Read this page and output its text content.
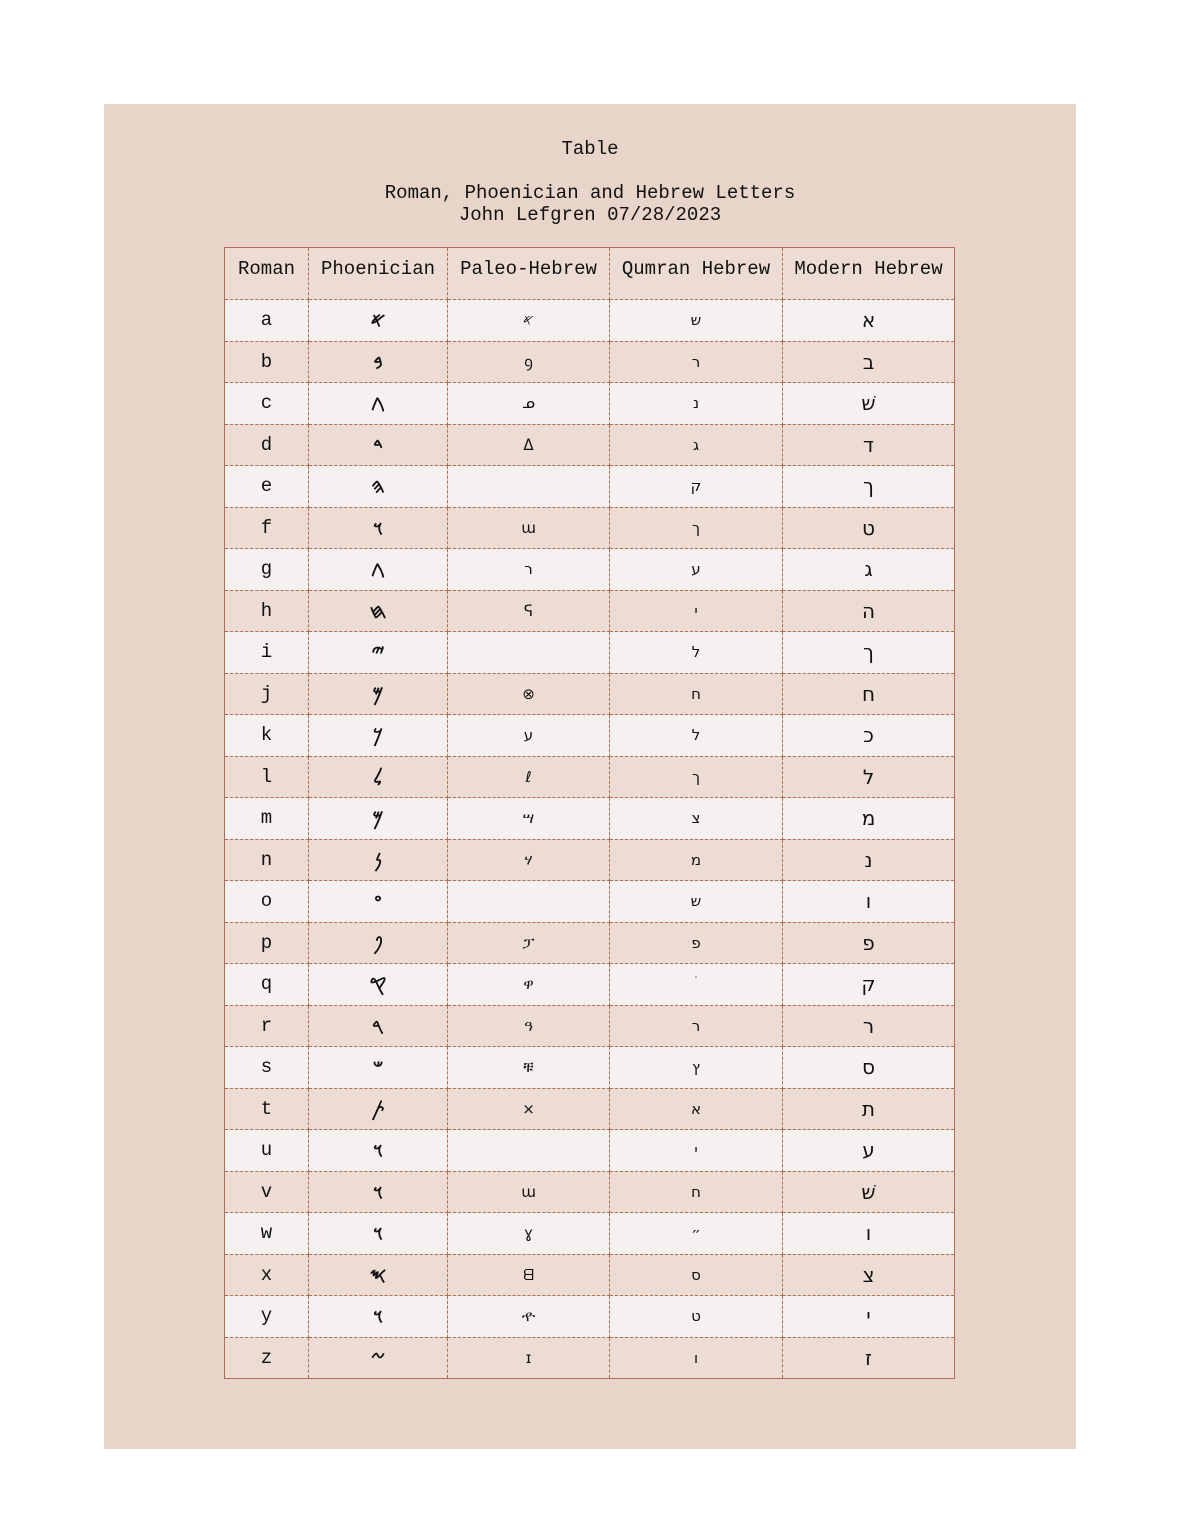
Table
Roman, Phoenician and Hebrew Letters
John Lefgren 07/28/2023
Roman	Phoenician	Paleo-Hebrew	Qumran Hebrew	Modern Hebrew
a	𐤀	𐤀	ש	א
b	𐤁	ꝯ	ר	ב
c	𐤂	ᓄ	נ	שׁ
d	𐤃	ᐃ	ג	ד
e	𐤄		ק	ך
f	𐤅	ɯ	ך	ט
g	𐤂	ר	ע	ג
h	𐤇	ᕋ	י	ה
i	𐤉		ל	ך
j	𐤌	⊗	ח	ח
k	𐤊	ע	ל	כ
l	𐤋	ℓ	ך	ל
m	𐤌	ሣ	צ	מ
n	𐤍	ሃ	מ	נ
o	𐤏		ש	ו
p	𐤐	ፓ	פ	פ
q	𐤒	ዋ		ק
r	𐤓	ዓ	ר	ר
s	𐤔	ቹ	ץ	ס
t	𐤕	×	א	ת
u	𐤅		י	ע
v	𐤅	ɯ	ח	שׁ
w	𐤅	ɣ	״	ו
x	𐤎	ᗺ	ס	צ
y	𐤅	ዯ	ט	י
z	𐤆	ɪ	ו	ז
